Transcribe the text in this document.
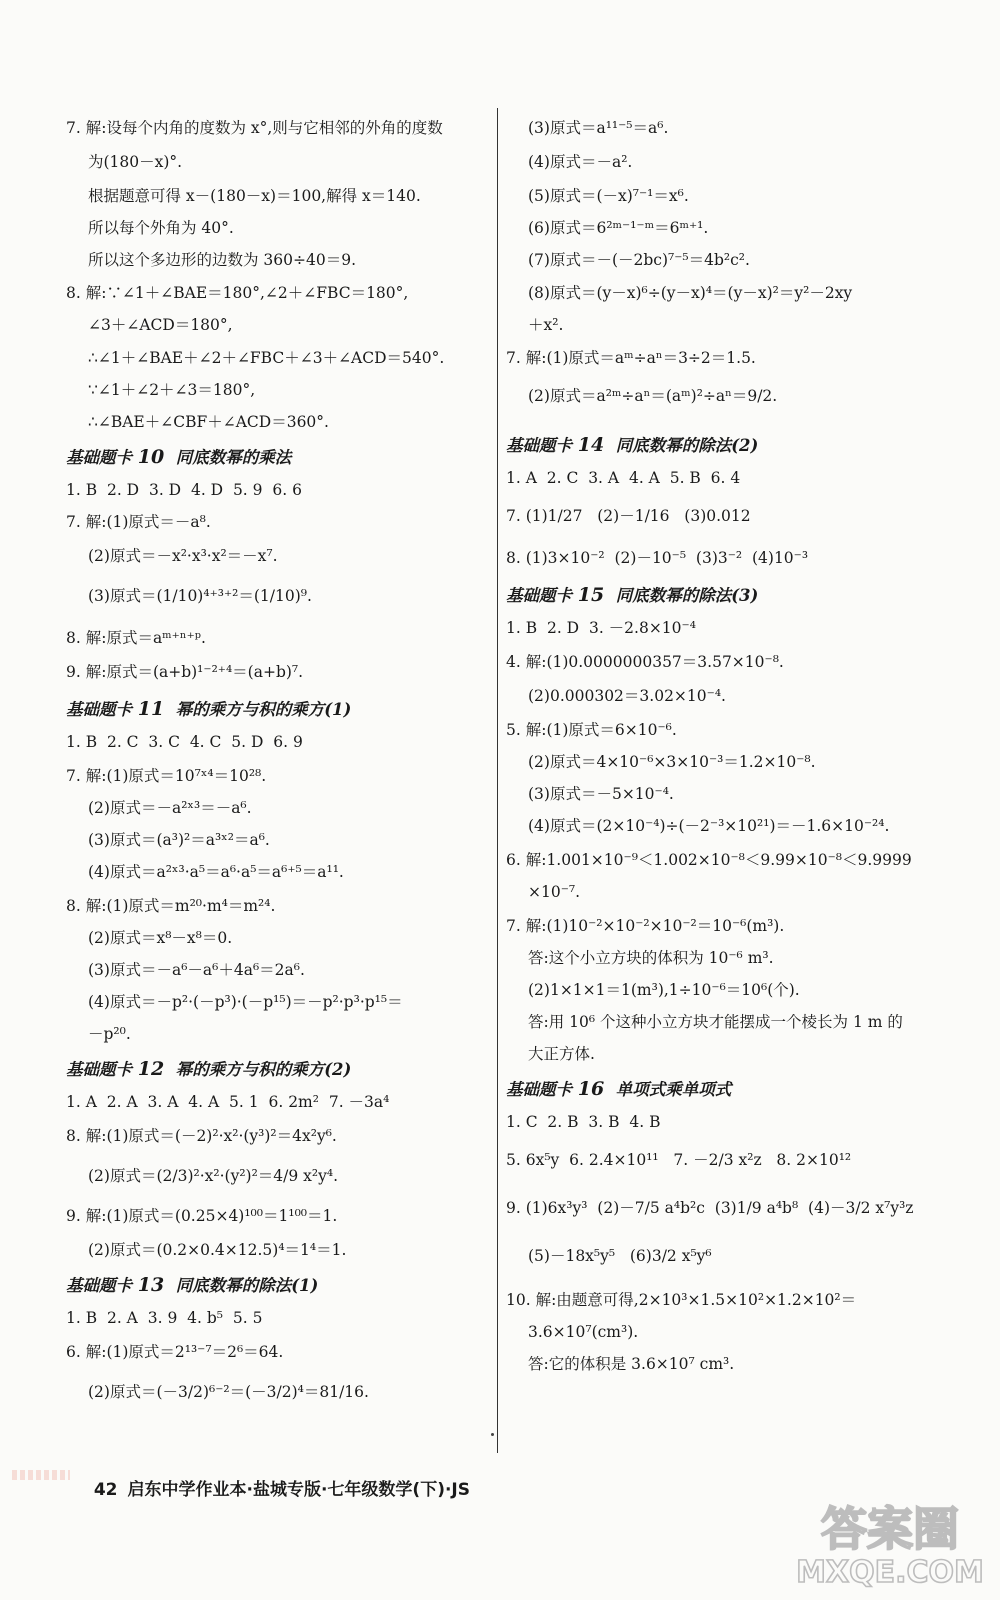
7. 解:设每个内角的度数为 x°,则与它相邻的外角的度数
为(180－x)°.
根据题意可得 x－(180－x)＝100,解得 x＝140.
所以每个外角为 40°.
所以这个多边形的边数为 360÷40＝9.
8. 解:∵∠1＋∠BAE＝180°,∠2＋∠FBC＝180°,
∠3＋∠ACD＝180°,
∴∠1＋∠BAE＋∠2＋∠FBC＋∠3＋∠ACD＝540°.
∵∠1＋∠2＋∠3＝180°,
∴∠BAE＋∠CBF＋∠ACD＝360°.
1. B  2. D  3. D  4. D  5. 9  6. 6
7. 解:(1)原式＝－a⁸.
(2)原式＝－x²·x³·x²＝－x⁷.
(3)原式＝(1/10)⁴⁺³⁺²＝(1/10)⁹.
8. 解:原式＝aᵐ⁺ⁿ⁺ᵖ.
9. 解:原式＝(a+b)¹⁻²⁺⁴＝(a+b)⁷.
1. B  2. C  3. C  4. C  5. D  6. 9
7. 解:(1)原式＝10⁷ˣ⁴＝10²⁸.
(2)原式＝－a²ˣ³＝－a⁶.
(3)原式＝(a³)²＝a³ˣ²＝a⁶.
(4)原式＝a²ˣ³·a⁵＝a⁶·a⁵＝a⁶⁺⁵＝a¹¹.
8. 解:(1)原式＝m²⁰·m⁴＝m²⁴.
(2)原式＝x⁸－x⁸＝0.
(3)原式＝－a⁶－a⁶＋4a⁶＝2a⁶.
(4)原式＝－p²·(－p³)·(－p¹⁵)＝－p²·p³·p¹⁵＝
－p²⁰.
1. A  2. A  3. A  4. A  5. 1  6. 2m²  7. －3a⁴
8. 解:(1)原式＝(－2)²·x²·(y³)²＝4x²y⁶.
(2)原式＝(2/3)²·x²·(y²)²＝4/9 x²y⁴.
9. 解:(1)原式＝(0.25×4)¹⁰⁰＝1¹⁰⁰＝1.
(2)原式＝(0.2×0.4×12.5)⁴＝1⁴＝1.
1. B  2. A  3. 9  4. b⁵  5. 5
6. 解:(1)原式＝2¹³⁻⁷＝2⁶＝64.
(2)原式＝(－3/2)⁶⁻²＝(－3/2)⁴＝81/16.
基础题卡 10  同底数幂的乘法
基础题卡 11  幂的乘方与积的乘方(1)
基础题卡 12  幂的乘方与积的乘方(2)
基础题卡 13  同底数幂的除法(1)
(3)原式＝a¹¹⁻⁵＝a⁶.
(4)原式＝－a².
(5)原式＝(－x)⁷⁻¹＝x⁶.
(6)原式＝6²ᵐ⁻¹⁻ᵐ＝6ᵐ⁺¹.
(7)原式＝－(－2bc)⁷⁻⁵＝4b²c².
(8)原式＝(y－x)⁶÷(y－x)⁴＝(y－x)²＝y²－2xy
＋x².
7. 解:(1)原式＝aᵐ÷aⁿ＝3÷2＝1.5.
(2)原式＝a²ᵐ÷aⁿ＝(aᵐ)²÷aⁿ＝9/2.
1. A  2. C  3. A  4. A  5. B  6. 4
7. (1)1/27   (2)－1/16   (3)0.012
8. (1)3×10⁻²  (2)－10⁻⁵  (3)3⁻²  (4)10⁻³
1. B  2. D  3. －2.8×10⁻⁴
4. 解:(1)0.0000000357＝3.57×10⁻⁸.
(2)0.000302＝3.02×10⁻⁴.
5. 解:(1)原式＝6×10⁻⁶.
(2)原式＝4×10⁻⁶×3×10⁻³＝1.2×10⁻⁸.
(3)原式＝－5×10⁻⁴.
(4)原式＝(2×10⁻⁴)÷(－2⁻³×10²¹)＝－1.6×10⁻²⁴.
6. 解:1.001×10⁻⁹＜1.002×10⁻⁸＜9.99×10⁻⁸＜9.9999
×10⁻⁷.
7. 解:(1)10⁻²×10⁻²×10⁻²＝10⁻⁶(m³).
答:这个小立方块的体积为 10⁻⁶ m³.
(2)1×1×1＝1(m³),1÷10⁻⁶＝10⁶(个).
答:用 10⁶ 个这种小立方块才能摆成一个棱长为 1 m 的
大正方体.
1. C  2. B  3. B  4. B
5. 6x⁵y  6. 2.4×10¹¹   7. －2/3 x²z   8. 2×10¹²
9. (1)6x³y³  (2)－7/5 a⁴b²c  (3)1/9 a⁴b⁸  (4)－3/2 x⁷y³z
(5)－18x⁵y⁵   (6)3/2 x⁵y⁶
10. 解:由题意可得,2×10³×1.5×10²×1.2×10²＝
3.6×10⁷(cm³).
答:它的体积是 3.6×10⁷ cm³.
基础题卡 14  同底数幂的除法(2)
基础题卡 15  同底数幂的除法(3)
基础题卡 16  单项式乘单项式

42 启东中学作业本·盐城专版·七年级数学(下)·JS

答案圈
MXQE.COM
